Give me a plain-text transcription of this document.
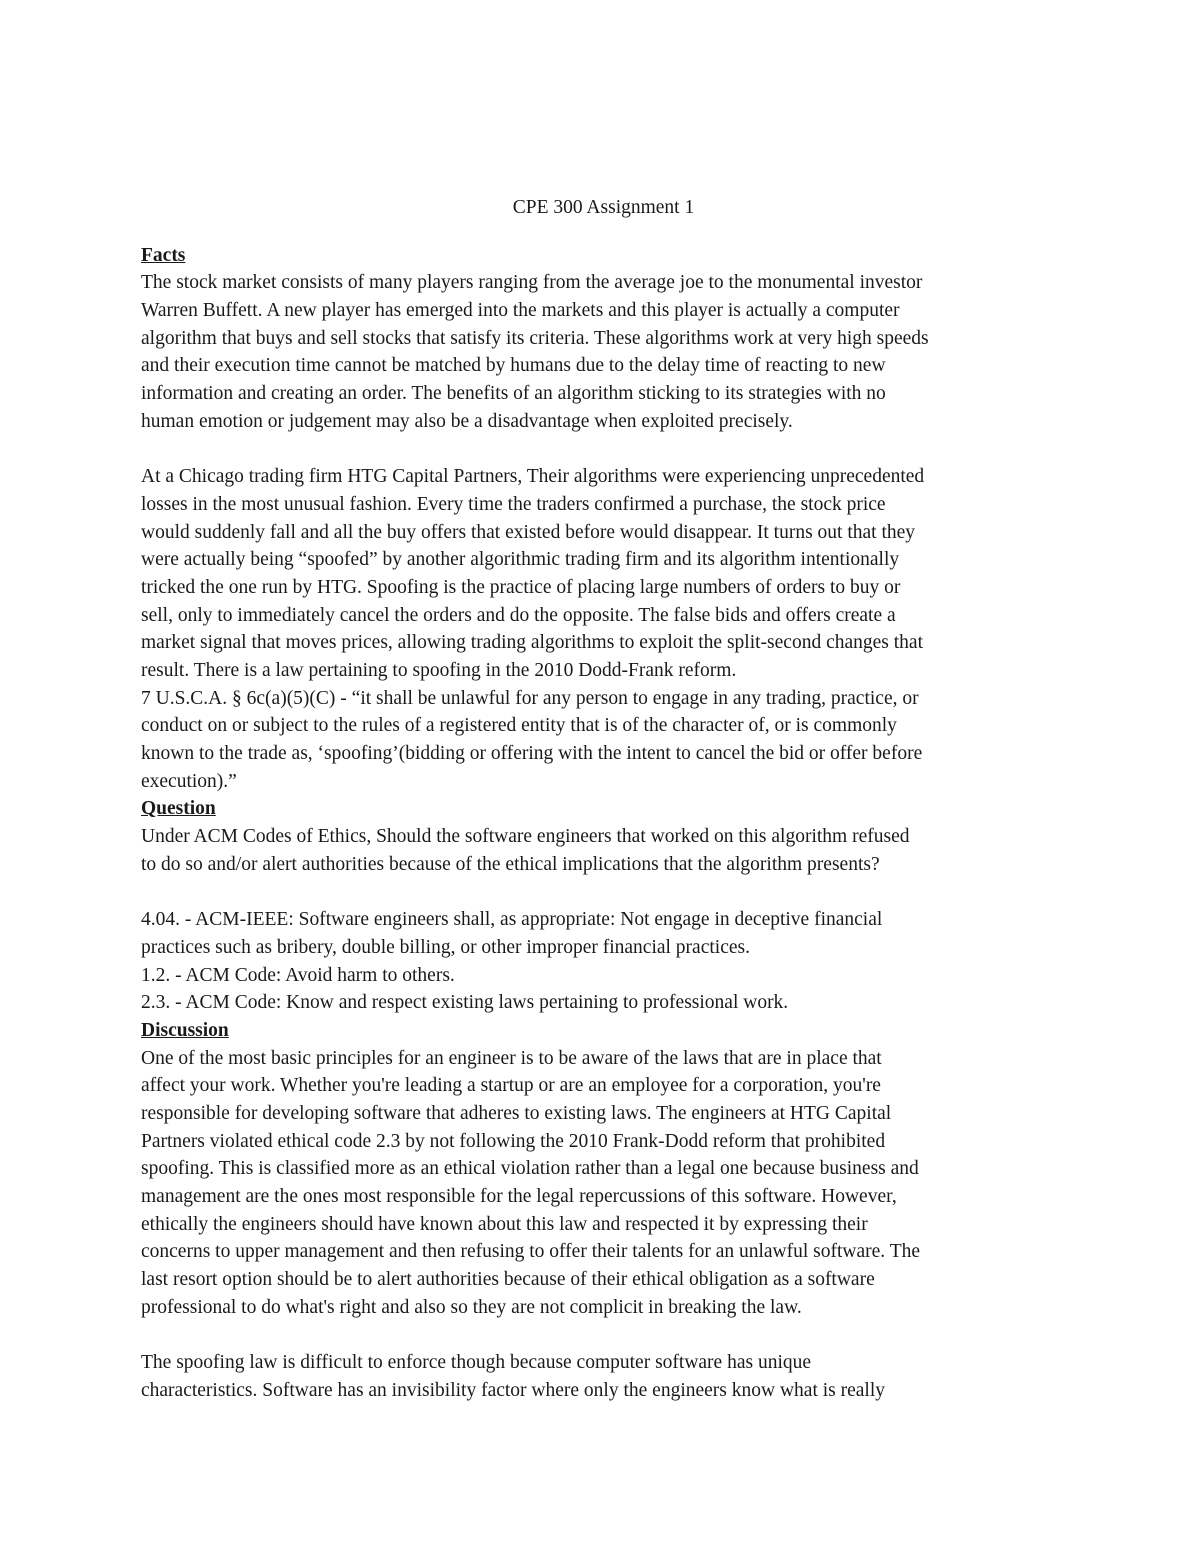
CPE 300 Assignment 1

Facts

The stock market consists of many players ranging from the average joe to the monumental investor

Warren Buffett. A new player has emerged into the markets and this player is actually a computer

algorithm that buys and sell stocks that satisfy its criteria. These algorithms work at very high speeds

and their execution time cannot be matched by humans due to the delay time of reacting to new

information and creating an order. The benefits of an algorithm sticking to its strategies with no

human emotion or judgement may also be a disadvantage when exploited precisely.

At a Chicago trading firm HTG Capital Partners, Their algorithms were experiencing unprecedented

losses in the most unusual fashion. Every time the traders confirmed a purchase, the stock price

would suddenly fall and all the buy offers that existed before would disappear. It turns out that they

were actually being “spoofed” by another algorithmic trading firm and its algorithm intentionally

tricked the one run by HTG. Spoofing is the practice of placing large numbers of orders to buy or

sell, only to immediately cancel the orders and do the opposite. The false bids and offers create a

market signal that moves prices, allowing trading algorithms to exploit the split-second changes that

result. There is a law pertaining to spoofing in the 2010 Dodd-Frank reform.

7 U.S.C.A. § 6c(a)(5)(C) - “it shall be unlawful for any person to engage in any trading, practice, or

conduct on or subject to the rules of a registered entity that is of the character of, or is commonly

known to the trade as, ‘spoofing’(bidding or offering with the intent to cancel the bid or offer before

execution).”

Question

Under ACM Codes of Ethics, Should the software engineers that worked on this algorithm refused

to do so and/or alert authorities because of the ethical implications that the algorithm presents?

4.04. - ACM-IEEE: Software engineers shall, as appropriate: Not engage in deceptive financial

practices such as bribery, double billing, or other improper financial practices.

1.2. - ACM Code: Avoid harm to others.

2.3. - ACM Code: Know and respect existing laws pertaining to professional work.

Discussion

One of the most basic principles for an engineer is to be aware of the laws that are in place that

affect your work. Whether you're leading a startup or are an employee for a corporation, you're

responsible for developing software that adheres to existing laws. The engineers at HTG Capital

Partners violated ethical code 2.3 by not following the 2010 Frank-Dodd reform that prohibited

spoofing. This is classified more as an ethical violation rather than a legal one because business and

management are the ones most responsible for the legal repercussions of this software. However,

ethically the engineers should have known about this law and respected it by expressing their

concerns to upper management and then refusing to offer their talents for an unlawful software. The

last resort option should be to alert authorities because of their ethical obligation as a software

professional to do what's right and also so they are not complicit in breaking the law.

The spoofing law is difficult to enforce though because computer software has unique

characteristics. Software has an invisibility factor where only the engineers know what is really
